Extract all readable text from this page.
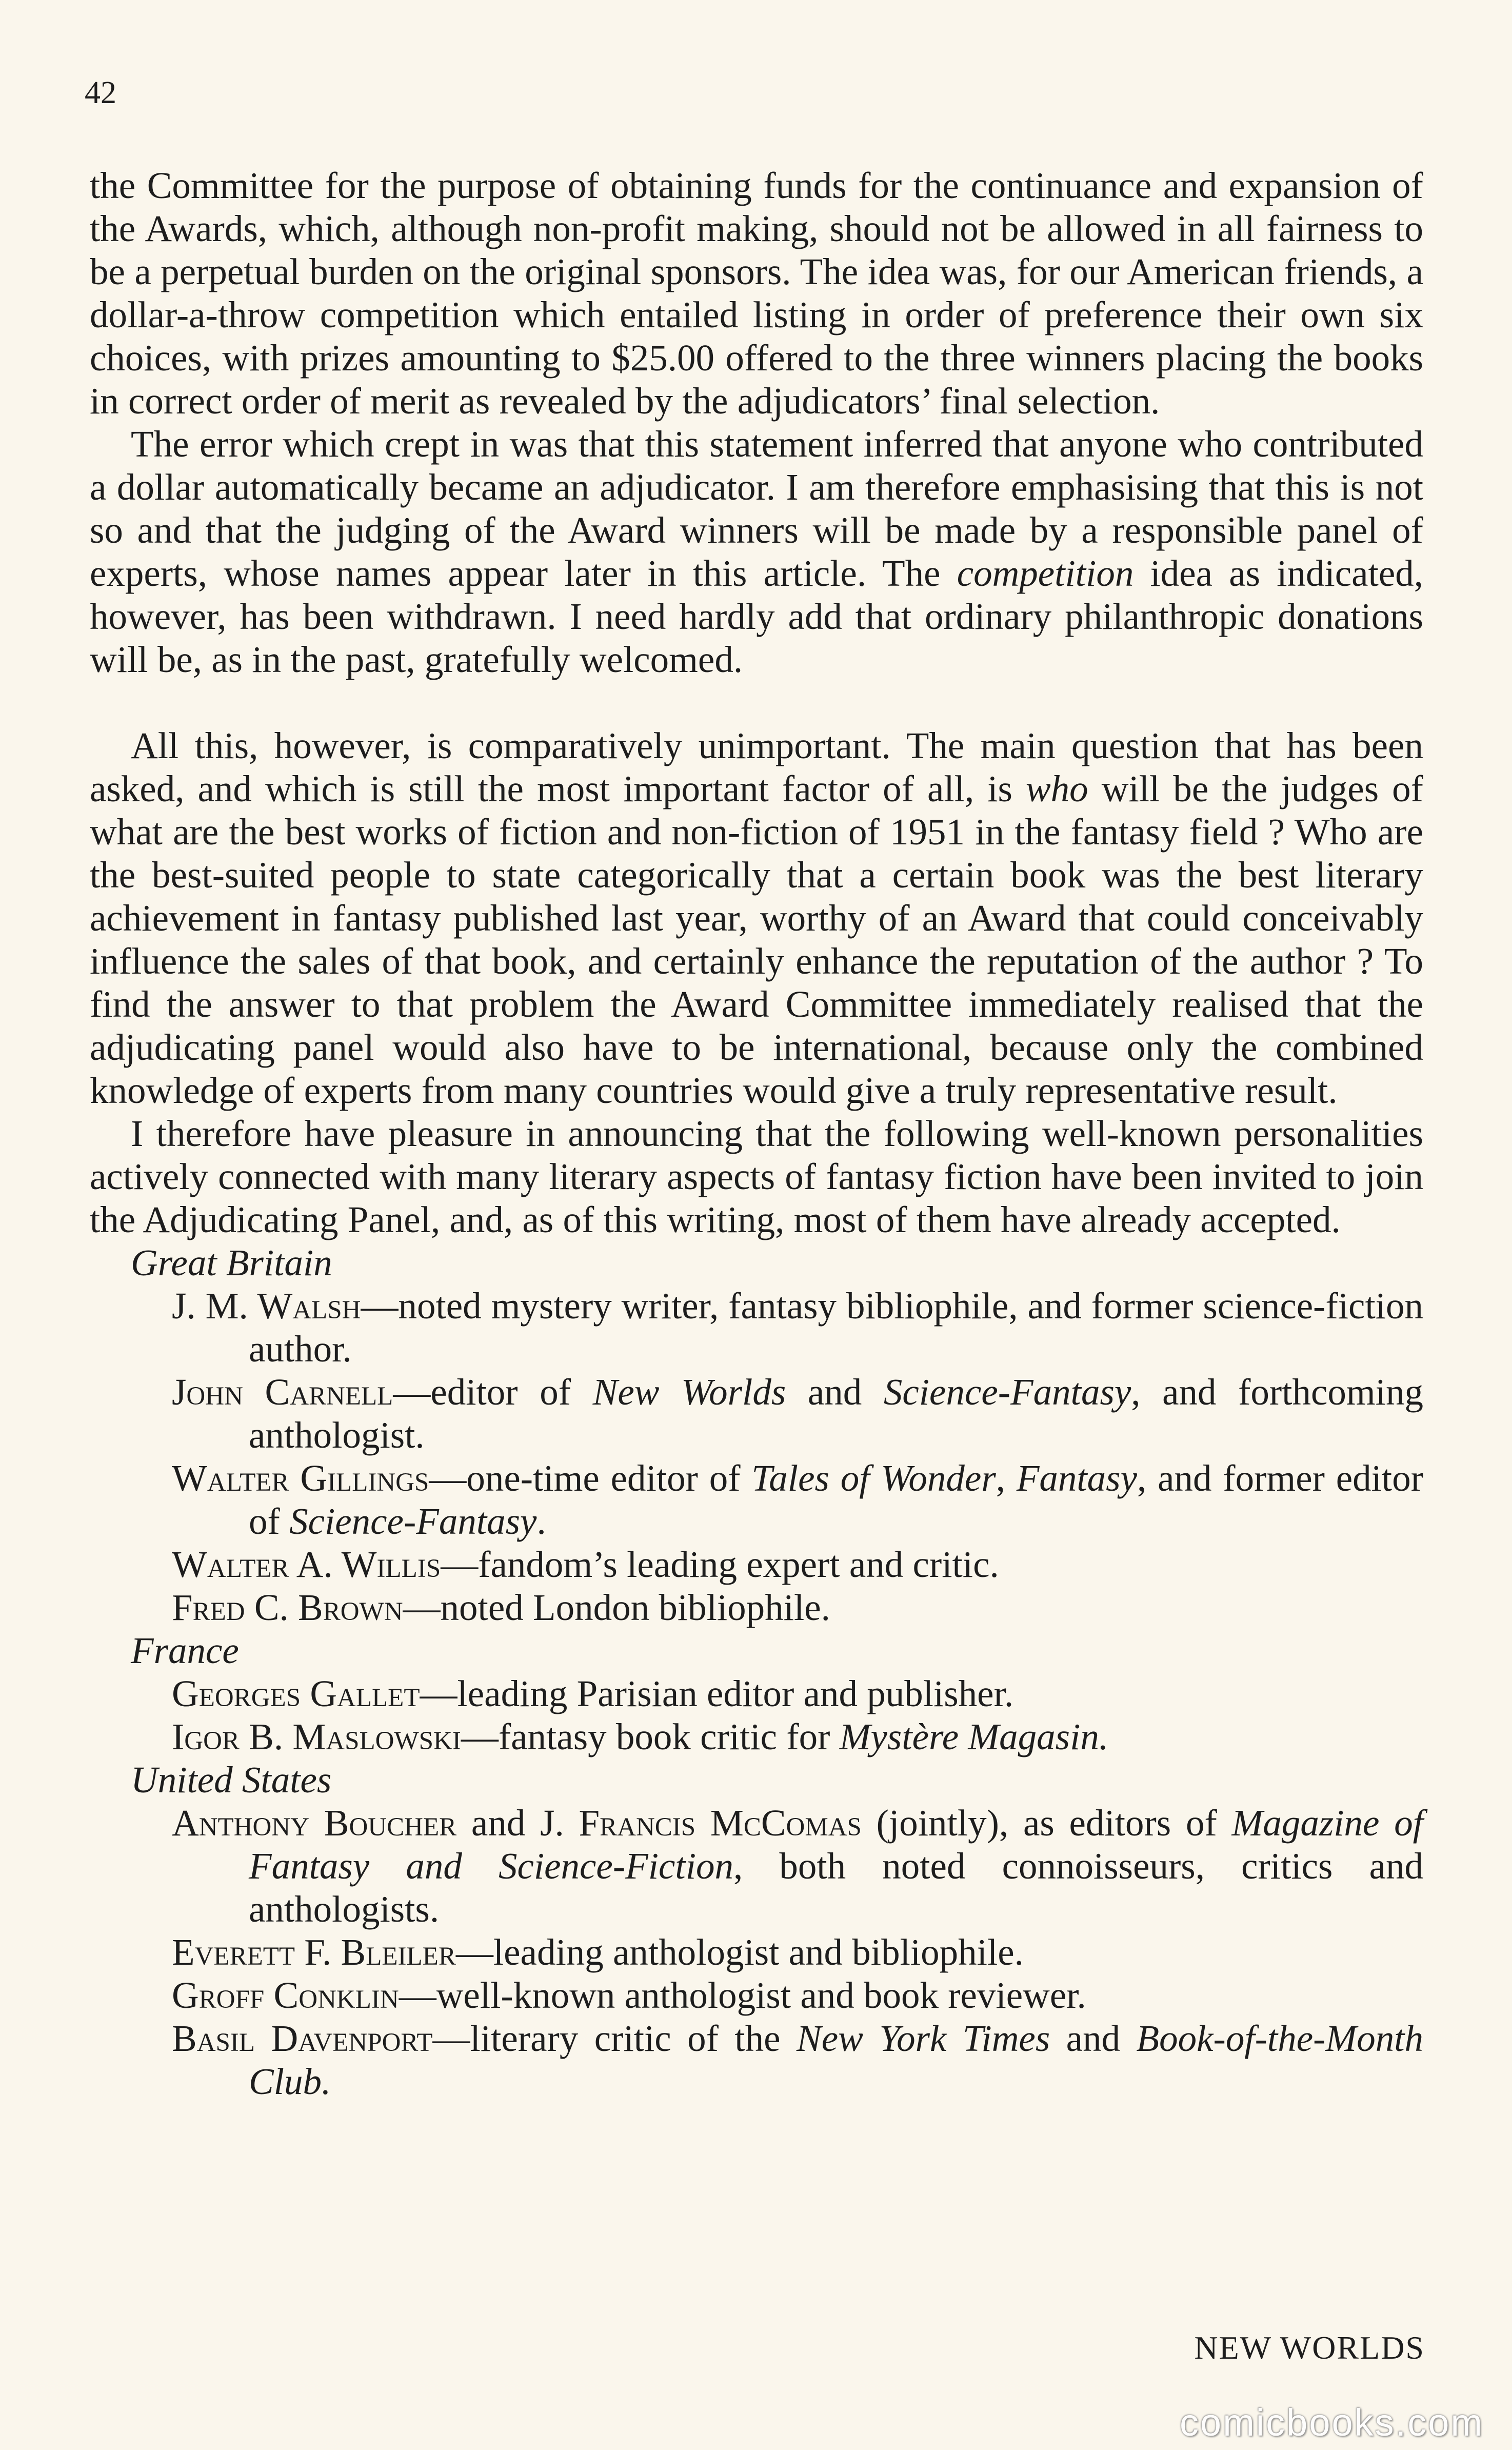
42

the Committee for the purpose of obtaining funds for the continuance and expansion of the Awards, which, although non-profit making, should not be allowed in all fairness to be a perpetual burden on the original sponsors. The idea was, for our American friends, a dollar-a-throw competition which entailed listing in order of preference their own six choices, with prizes amounting to $25.00 offered to the three winners placing the books in correct order of merit as revealed by the adjudicators’ final selection.

The error which crept in was that this statement inferred that anyone who contributed a dollar automatically became an adjudicator. I am therefore emphasising that this is not so and that the judging of the Award winners will be made by a responsible panel of experts, whose names appear later in this article. The competition idea as indicated, however, has been withdrawn. I need hardly add that ordinary philanthropic donations will be, as in the past, gratefully welcomed.

All this, however, is comparatively unimportant. The main question that has been asked, and which is still the most important factor of all, is who will be the judges of what are the best works of fiction and non-fiction of 1951 in the fantasy field ? Who are the best-suited people to state categorically that a certain book was the best literary achievement in fantasy published last year, worthy of an Award that could conceivably influence the sales of that book, and certainly enhance the reputation of the author ? To find the answer to that problem the Award Committee immediately realised that the adjudicating panel would also have to be international, because only the combined knowledge of experts from many countries would give a truly representative result.

I therefore have pleasure in announcing that the following well-known personalities actively connected with many literary aspects of fantasy fiction have been invited to join the Adjudicating Panel, and, as of this writing, most of them have already accepted.

Great Britain

J. M. Walsh—noted mystery writer, fantasy bibliophile, and former science-fiction author.

John Carnell—editor of New Worlds and Science-Fantasy, and forthcoming anthologist.

Walter Gillings—one-time editor of Tales of Wonder, Fantasy, and former editor of Science-Fantasy.

Walter A. Willis—fandom’s leading expert and critic.

Fred C. Brown—noted London bibliophile.

France

Georges Gallet—leading Parisian editor and publisher.

Igor B. Maslowski—fantasy book critic for Mystère Magasin.

United States

Anthony Boucher and J. Francis McComas (jointly), as editors of Magazine of Fantasy and Science-Fiction, both noted connoisseurs, critics and anthologists.

Everett F. Bleiler—leading anthologist and bibliophile.

Groff Conklin—well-known anthologist and book reviewer.

Basil Davenport—literary critic of the New York Times and Book-of-the-Month Club.

NEW WORLDS
comicbooks.com
